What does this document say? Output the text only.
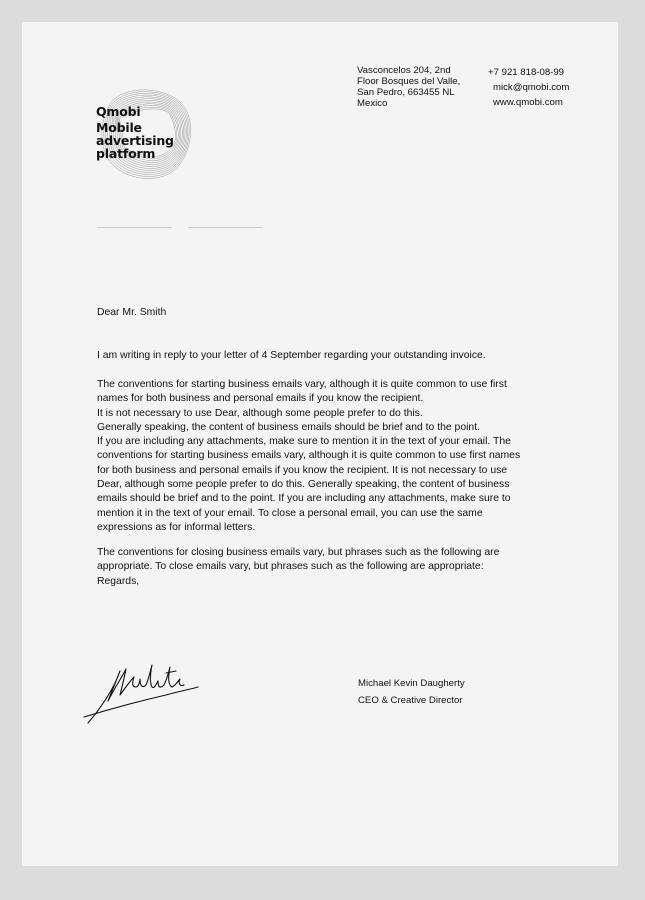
Qmobi
Mobile
advertising
platform
Vasconcelos 204, 2nd
Floor Bosques del Valle,
San Pedro, 663455 NL
Mexico
+7 921 818-08-99
mick@qmobi.com
www.qmobi.com

Dear Mr. Smith

I am writing in reply to your letter of 4 September regarding your outstanding invoice.

The conventions for starting business emails vary, although it is quite common to use first

names for both business and personal emails if you know the recipient.

It is not necessary to use Dear, although some people prefer to do this.

Generally speaking, the content of business emails should be brief and to the point.

If you are including any attachments, make sure to mention it in the text of your email. The

conventions for starting business emails vary, although it is quite common to use first names

for both business and personal emails if you know the recipient. It is not necessary to use

Dear, although some people prefer to do this. Generally speaking, the content of business

emails should be brief and to the point. If you are including any attachments, make sure to

mention it in the text of your email. To close a personal email, you can use the same

expressions as for informal letters.

The conventions for closing business emails vary, but phrases such as the following are

appropriate. To close emails vary, but phrases such as the following are appropriate:

Regards,

Michael Kevin Daugherty
CEO & Creative Director
